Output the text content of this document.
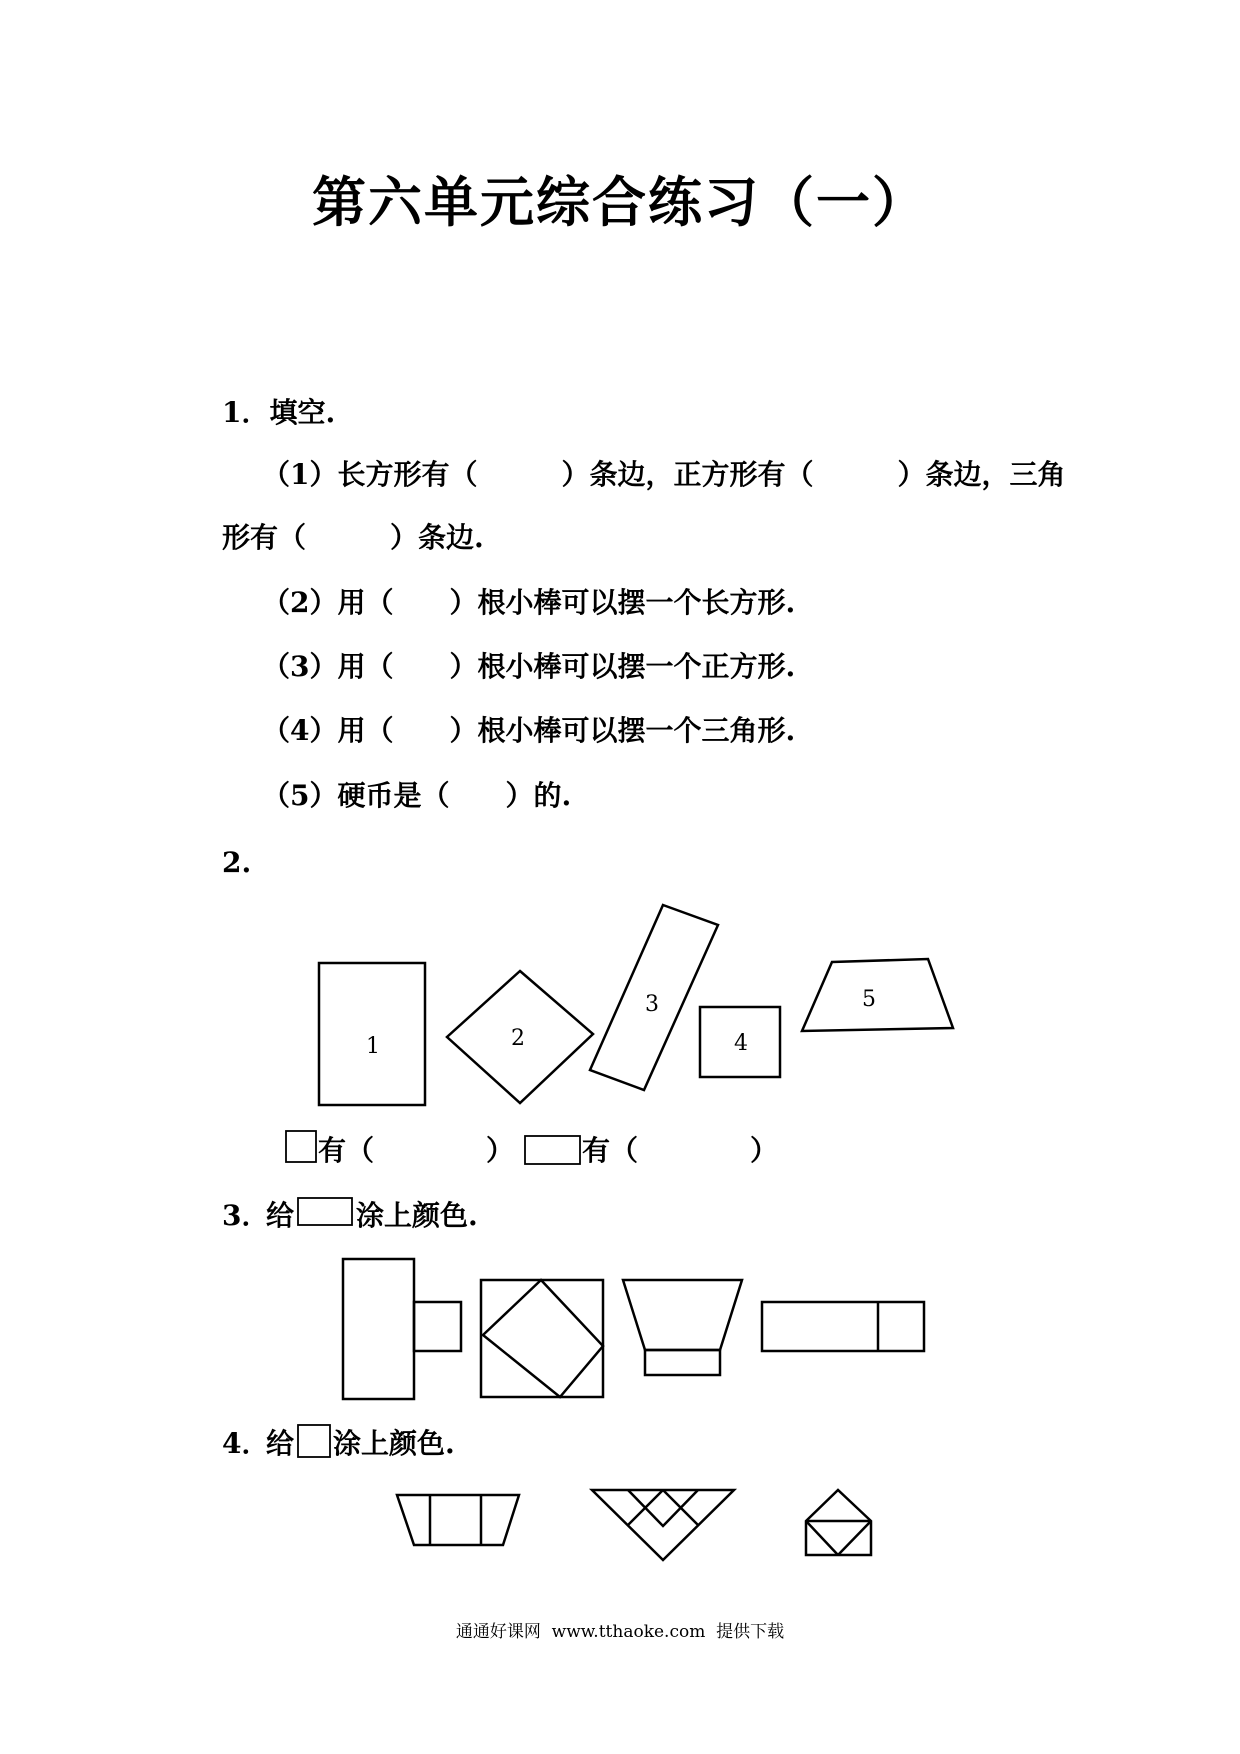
第六单元综合练习（一）
1．填空.
（1）长方形有（　　　）条边，正方形有（　　　）条边，三角
形有（　　　）条边.
（2）用（　　）根小棒可以摆一个长方形.
（3）用（　　）根小棒可以摆一个正方形.
（4）用（　　）根小棒可以摆一个三角形.
（5）硬币是（　　）的.
2.
1	2
3
4
5
有（　　　　） 有（　　　　）
3．
给 涂上颜色.
4．
给 涂上颜色.
通通好课网  www.tthaoke.com  提供下载
